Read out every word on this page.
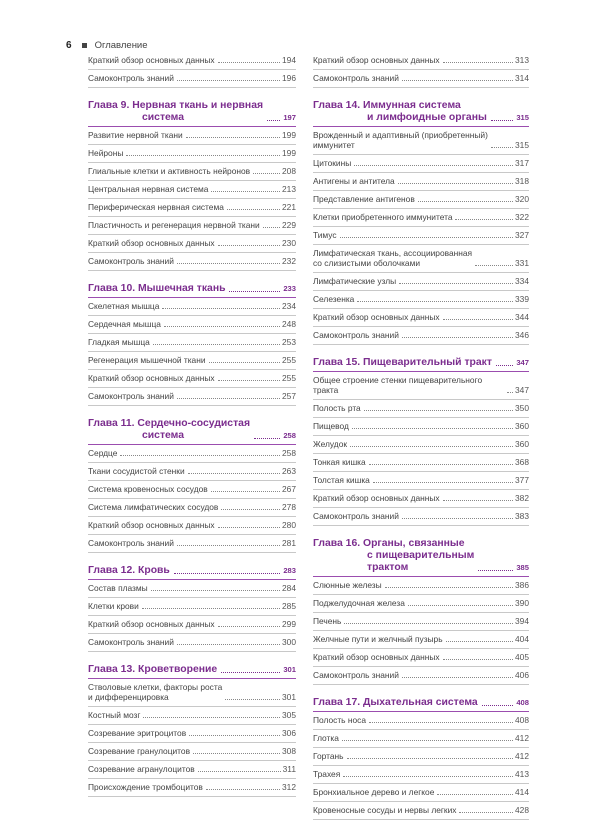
6 Оглавление
Краткий обзор основных данных	194
Самоконтроль знаний	196
Глава 9. Нервная ткань и нервная
система	197
Развитие нервной ткани	199
Нейроны	199
Глиальные клетки и активность нейронов	208
Центральная нервная система	213
Периферическая нервная система	221
Пластичность и регенерация нервной ткани	229
Краткий обзор основных данных	230
Самоконтроль знаний	232
Глава 10. Мышечная ткань	233
Скелетная мышца	234
Сердечная мышца	248
Гладкая мышца	253
Регенерация мышечной ткани	255
Краткий обзор основных данных	255
Самоконтроль знаний	257
Глава 11. Сердечно-сосудистая
система	258
Сердце	258
Ткани сосудистой стенки	263
Система кровеносных сосудов	267
Система лимфатических сосудов	278
Краткий обзор основных данных	280
Самоконтроль знаний	281
Глава 12. Кровь	283
Состав плазмы	284
Клетки крови	285
Краткий обзор основных данных	299
Самоконтроль знаний	300
Глава 13. Кроветворение	301
Стволовые клетки, факторы роста
и дифференцировка	301
Костный мозг	305
Созревание эритроцитов	306
Созревание гранулоцитов	308
Созревание агранулоцитов	311
Происхождение тромбоцитов	312
Краткий обзор основных данных	313
Самоконтроль знаний	314
Глава 14. Иммунная система
и лимфоидные органы	315
Врожденный и адаптивный (приобретенный)
иммунитет	315
Цитокины	317
Антигены и антитела	318
Представление антигенов	320
Клетки приобретенного иммунитета	322
Тимус	327
Лимфатическая ткань, ассоциированная
со слизистыми оболочками	331
Лимфатические узлы	334
Селезенка	339
Краткий обзор основных данных	344
Самоконтроль знаний	346
Глава 15. Пищеварительный тракт	347
Общее строение стенки пищеварительного тракта	347
Полость рта	350
Пищевод	360
Желудок	360
Тонкая кишка	368
Толстая кишка	377
Краткий обзор основных данных	382
Самоконтроль знаний	383
Глава 16. Органы, связанные
с пищеварительным
трактом	385
Слюнные железы	386
Поджелудочная железа	390
Печень	394
Желчные пути и желчный пузырь	404
Краткий обзор основных данных	405
Самоконтроль знаний	406
Глава 17. Дыхательная система	408
Полость носа	408
Глотка	412
Гортань	412
Трахея	413
Бронхиальное дерево и легкое	414
Кровеносные сосуды и нервы легких	428
